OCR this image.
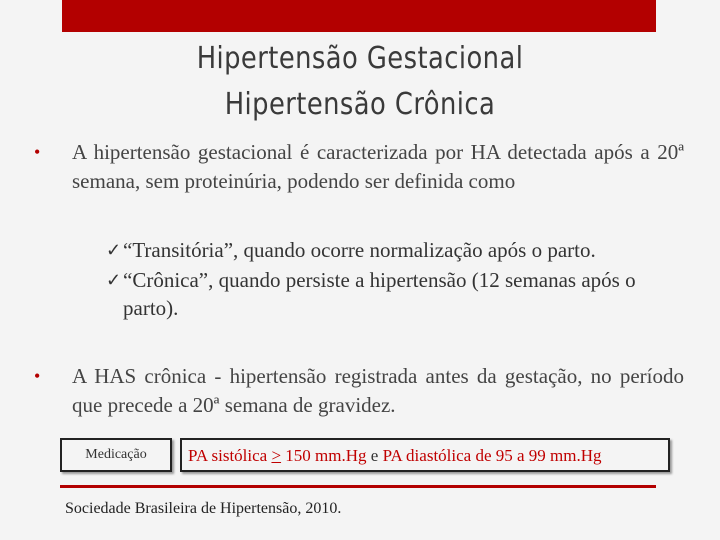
Hipertensão Gestacional
Hipertensão Crônica
• A hipertensão gestacional é caracterizada por HA detectada após a 20ª semana, sem proteinúria, podendo ser definida como
✓ “Transitória”, quando ocorre normalização após o parto.
✓ “Crônica”, quando persiste a hipertensão (12 semanas após o parto).
• A HAS crônica - hipertensão registrada antes da gestação, no período que precede a 20ª semana de gravidez.
Medicação	PA sistólica ≥ 150 mm.Hg e PA diastólica de 95 a 99 mm.Hg
Sociedade Brasileira de Hipertensão, 2010.
